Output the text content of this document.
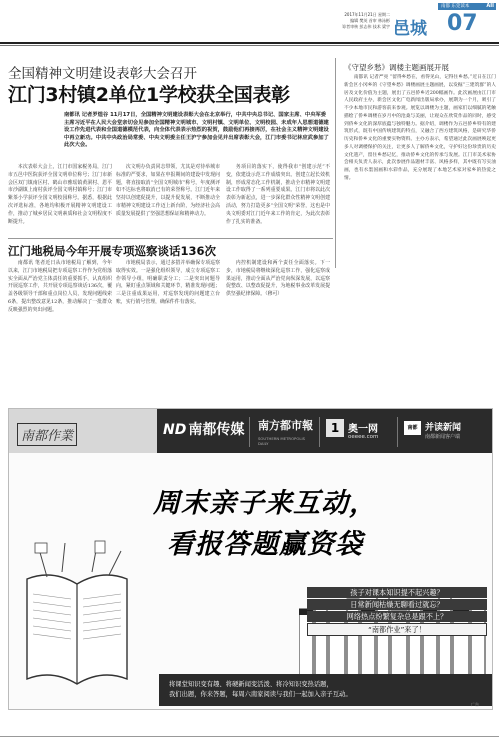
南都 东莞读本	AII
2017年11月21日 星期二
编辑 樊英 首审 林泳彬
谅者审核 彭志伟 技术 梁宇 邑城 07
全国精神文明建设表彰大会召开
江门3村镇2单位1学校获全国表彰
南都讯 记者罗煌谷 11月17日，全国精神文明建设表彰大会在北京举行，中共中央总书记、国家主席、中央军委主席习近平在人民大会堂亲切会见参加全国精神文明城市、文明村镇、文明单位、文明校园、未成年人思想道德建设工作先进代表和全国道德模范代表，向全体代表表示热烈的祝贺，鼓励他们再接再厉，在社会主义精神文明建设中再立新功。中共中央政治局常委、中央文明委主任王沪宁参加会见并出席表彰大会，江门市委书记林应武参加了此次大会。
本次表彰大会上，江门市国家税务局，江门市五邑中医院获评全国文明单位称号；江门市新会区双门镇南区村、鹤山市雅瑶镇黄洞村、恩平市沙湖镇上南村获评全国文明村镇称号；江门市紫茶小学获评全国文明校园称号。据悉，根据此次评选标准，各地均积极开展精神文明建设工作，推动了城乡居民文明素质和社会文明程度不断提升。
次文明办负责同志带领，尤其是对待举城市标准的严要求，如果在申报期间的建设中发现问题，将直接取消“全国文明城市”称号，年度测评如不达标也将取消已有的荣誉称号。江门近年来坚持以创建促提升，以提升促发展，不断推动全市精神文明建设工作迈上新台阶，为经济社会高质量发展提供了坚强思想保证和精神动力。
务项目的落实下，使得我市“创建示范”不变，依建设示范工作成绩突出。创建立起长效机制，形成常态化工作机制，推动全市精神文明建设工作取得了一系列重要成果。江门市将以此次表彰为新起点，进一步深化群众性精神文明创建活动，努力打造更多“全国文明”荣誉，这也是中央文明委对江门近年来工作的肯定，为此次表彰作了扎实的准备。
《守望乡愁》调楼主题画展开展
南都讯 记者严亮 “留得乡愁在，看得见山，记得住乡愁。”近日在江门新会区小冈乡的《守望乡愁》调楼画展主题画展，以发掘“三建筑群”的人居及文化价值为主题，展出了五邑侨乡近200幅画作。此次画展由江门市人民政府主办，新会区文化广电新闻出版局承办，展期为一个月，吸引了不少本地市民和游客前来参观。展览以调楼为主题，画家们以细腻的笔触描绘了侨乡调楼在岁月中的沧桑与美丽，让观众在欣赏作品的同时，感受到侨乡文化的深厚底蕴与独特魅力。据介绍，调楼作为五邑侨乡特有的建筑形式，既有中国传统建筑的特点，又融合了西方建筑风格，是研究华侨历史和侨乡文化的重要实物资料。主办方表示，希望通过此次画展唤起更多人对调楼保护的关注，让更多人了解侨乡文化，守护好这份珍贵的历史文化遗产，留住乡愁记忆，推动侨乡文化的传承与发展。江门市美术家协会相关负责人表示，此次参展作品题材丰富、风格多样，其中既有写实油画，也有水墨国画和水彩作品，充分展现了本地艺术家对家乡的热爱之情。
江门地税局今年开展专项巡察谈话136次
南都讯 笔者近日从市地税局了解到，今年以来，江门市地税局把专项巡察工作作为党组落实全面从严治党主体责任的重要抓手，认真组织开展巡察工作，共开展专项巡察谈话136次，覆盖各级领导干部和重点岗位人员，发现问题线索6条，提出整改意见12条，推动解决了一批群众反映强烈的突出问题。
市地税局表示，通过多措并举确保专项巡察取得实效。一是强化组织领导，成立专项巡察工作领导小组，明确职责分工；二是突出问题导向，紧盯重点领域和关键环节，精准发现问题；三是注重成果运用，对巡察发现的问题建立台账，实行销号管理，确保件件有落实。
内控机制建设和两个责任全面落实。下一步，市地税局将继续深化巡察工作，强化巡察成果运用，推动全面从严治党向纵深发展，以巡察促整改、以整改促提升，为地税事业改革发展提供坚强纪律保障。（穆可）
南都作業	ND 南都传媒 南方都市報
SOUTHERN METROPOLIS DAILY
1 奥一网
oeeee.com
南都 并读新闻
南都新闻客户端
周末亲子来互动，
看报答题赢资袋
孩子对课本知识提不起兴趣？
日常新闻枯燥无聊看过就忘？
网络热点纷繁复杂总是跟不上？
“南都作业”来了！
将课堂知识变有趣、将硬新闻变活泼、将冷知识变热话题，
我们出题，你来答题，每周六南家阅读与我们一起加入亲子互动。
广告
